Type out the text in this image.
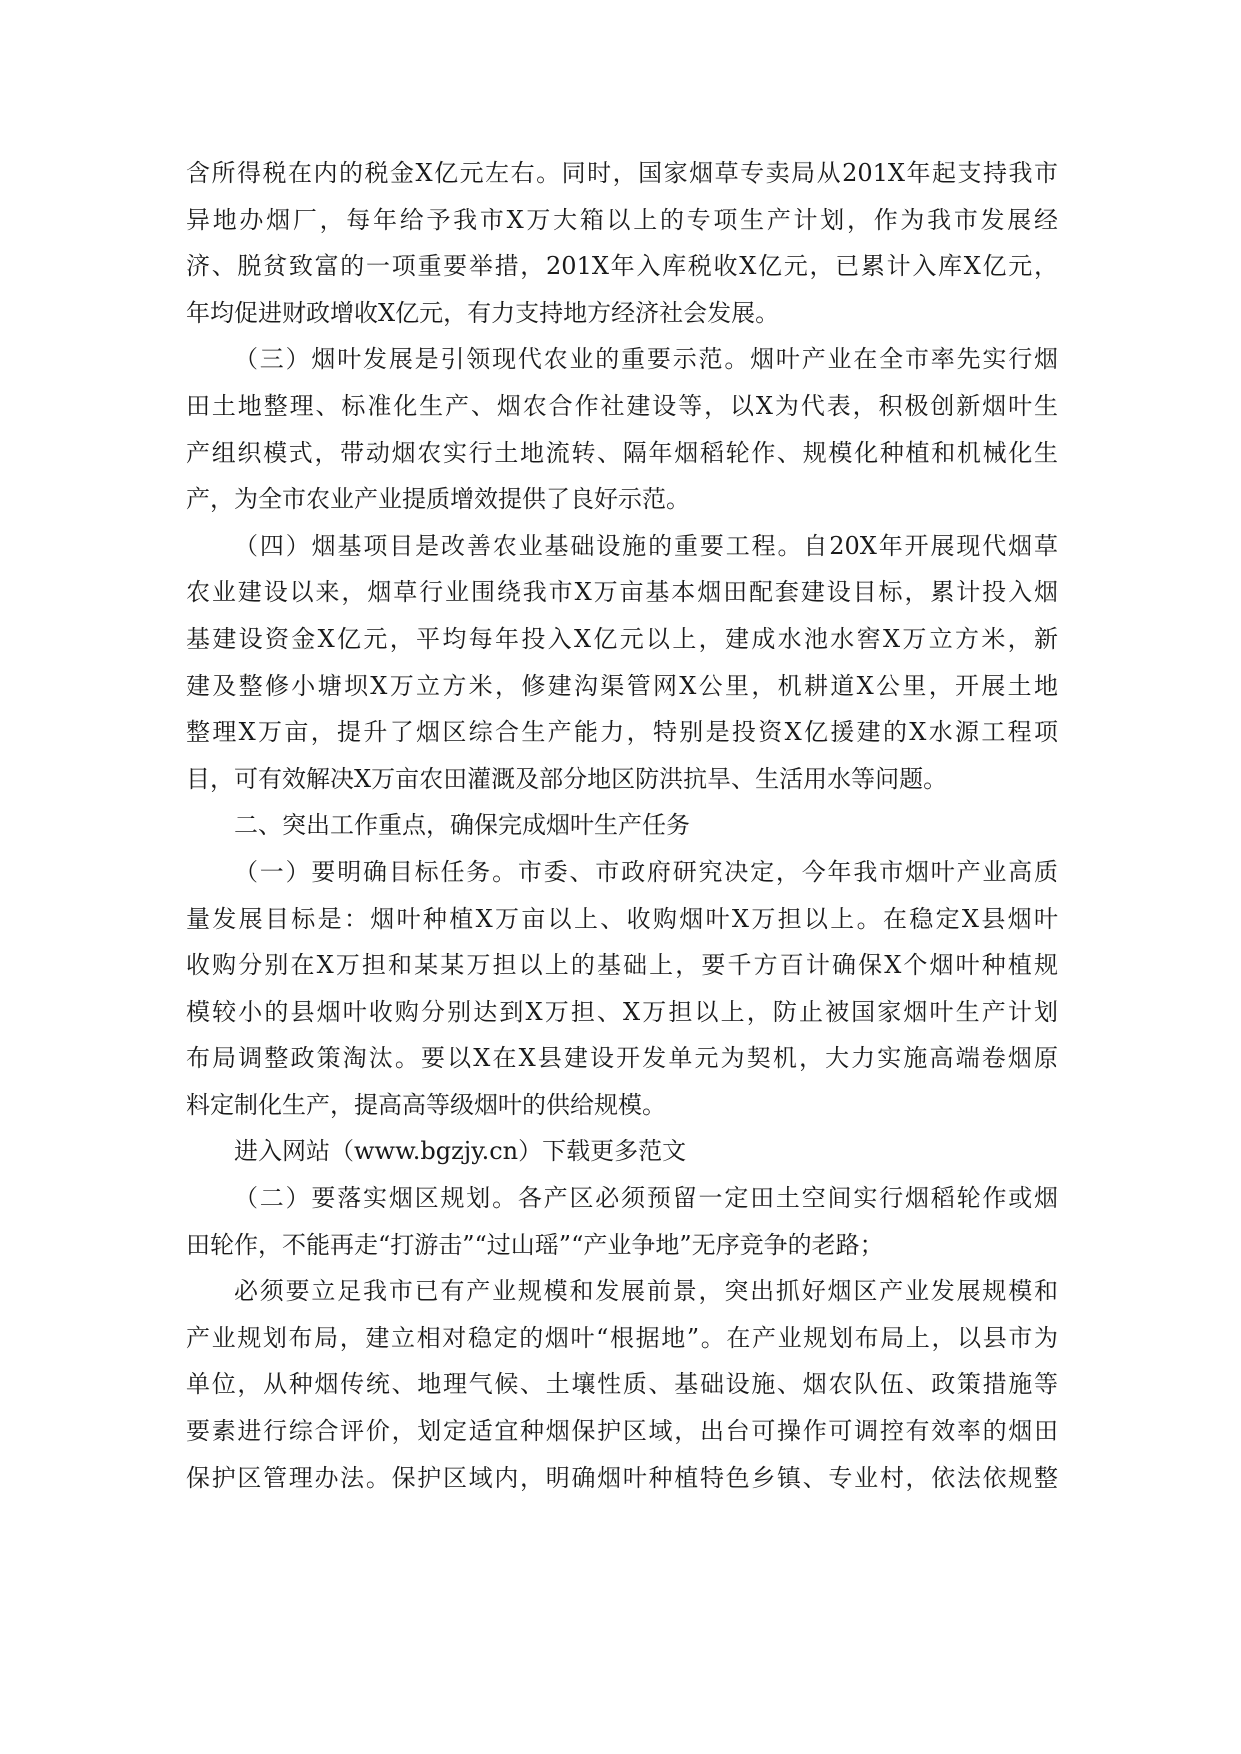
含所得税在内的税金X亿元左右。同时，国家烟草专卖局从201X年起支持我市
异地办烟厂，每年给予我市X万大箱以上的专项生产计划，作为我市发展经
济、脱贫致富的一项重要举措，201X年入库税收X亿元，已累计入库X亿元，
年均促进财政增收X亿元，有力支持地方经济社会发展。
（三）烟叶发展是引领现代农业的重要示范。烟叶产业在全市率先实行烟
田土地整理、标准化生产、烟农合作社建设等，以X为代表，积极创新烟叶生
产组织模式，带动烟农实行土地流转、隔年烟稻轮作、规模化种植和机械化生
产，为全市农业产业提质增效提供了良好示范。
（四）烟基项目是改善农业基础设施的重要工程。自20X年开展现代烟草
农业建设以来，烟草行业围绕我市X万亩基本烟田配套建设目标，累计投入烟
基建设资金X亿元，平均每年投入X亿元以上，建成水池水窖X万立方米，新
建及整修小塘坝X万立方米，修建沟渠管网X公里，机耕道X公里，开展土地
整理X万亩，提升了烟区综合生产能力，特别是投资X亿援建的X水源工程项
目，可有效解决X万亩农田灌溉及部分地区防洪抗旱、生活用水等问题。
二、突出工作重点，确保完成烟叶生产任务
（一）要明确目标任务。市委、市政府研究决定，今年我市烟叶产业高质
量发展目标是：烟叶种植X万亩以上、收购烟叶X万担以上。在稳定X县烟叶
收购分别在X万担和某某万担以上的基础上，要千方百计确保X个烟叶种植规
模较小的县烟叶收购分别达到X万担、X万担以上，防止被国家烟叶生产计划
布局调整政策淘汰。要以X在X县建设开发单元为契机，大力实施高端卷烟原
料定制化生产，提高高等级烟叶的供给规模。
进入网站（www.bgzjy.cn）下载更多范文
（二）要落实烟区规划。各产区必须预留一定田土空间实行烟稻轮作或烟
田轮作，不能再走“打游击”“过山瑶”“产业争地”无序竞争的老路；
必须要立足我市已有产业规模和发展前景，突出抓好烟区产业发展规模和
产业规划布局，建立相对稳定的烟叶“根据地”。在产业规划布局上，以县市为
单位，从种烟传统、地理气候、土壤性质、基础设施、烟农队伍、政策措施等
要素进行综合评价，划定适宜种烟保护区域，出台可操作可调控有效率的烟田
保护区管理办法。保护区域内，明确烟叶种植特色乡镇、专业村，依法依规整
